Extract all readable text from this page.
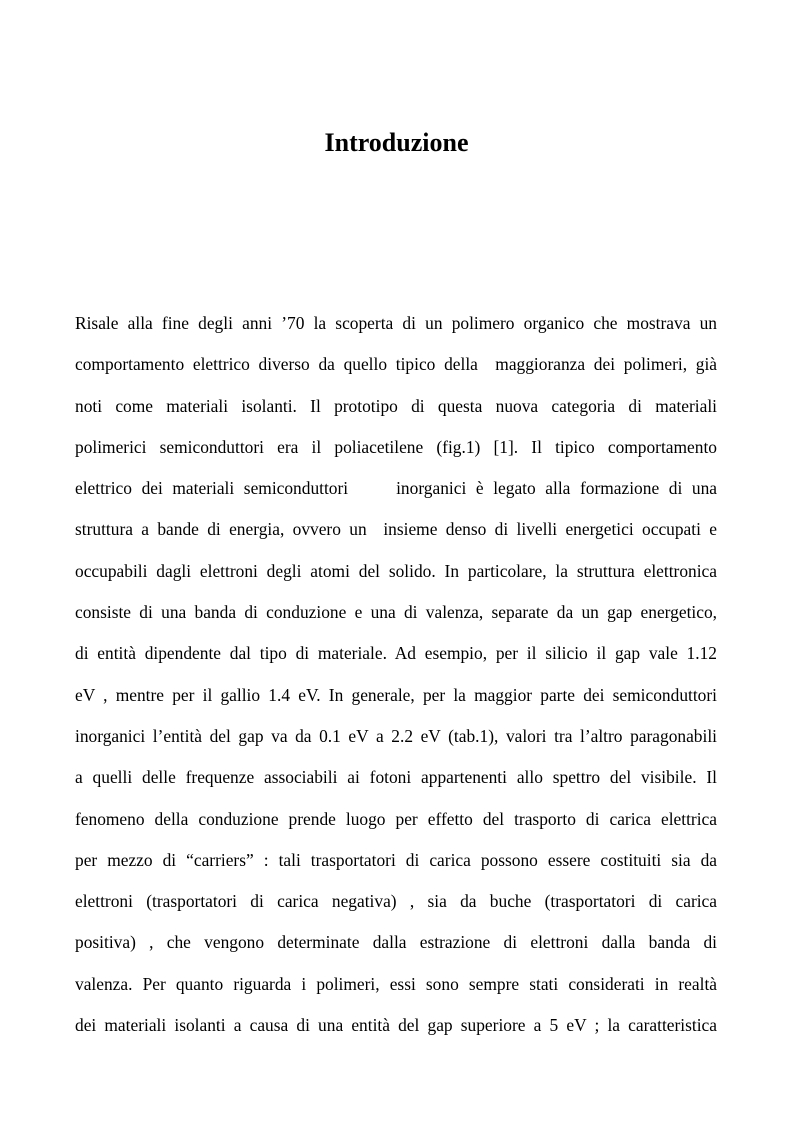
Introduzione
Risale alla fine degli anni ’70 la scoperta di un polimero organico che mostrava un
comportamento elettrico diverso da quello tipico della  maggioranza dei polimeri, già
noti come materiali isolanti. Il prototipo di questa nuova categoria di materiali
polimerici semiconduttori era il poliacetilene (fig.1) [1]. Il tipico comportamento
elettrico dei materiali semiconduttori     inorganici è legato alla formazione di una
struttura a bande di energia, ovvero un  insieme denso di livelli energetici occupati e
occupabili dagli elettroni degli atomi del solido. In particolare, la struttura elettronica
consiste di una banda di conduzione e una di valenza, separate da un gap energetico,
di entità dipendente dal tipo di materiale. Ad esempio, per il silicio il gap vale 1.12
eV , mentre per il gallio 1.4 eV. In generale, per la maggior parte dei semiconduttori
inorganici l’entità del gap va da 0.1 eV a 2.2 eV (tab.1), valori tra l’altro paragonabili
a quelli delle frequenze associabili ai fotoni appartenenti allo spettro del visibile. Il
fenomeno della conduzione prende luogo per effetto del trasporto di carica elettrica
per mezzo di “carriers” : tali trasportatori di carica possono essere costituiti sia da
elettroni (trasportatori di carica negativa) , sia da buche (trasportatori di carica
positiva) , che vengono determinate dalla estrazione di elettroni dalla banda di
valenza. Per quanto riguarda i polimeri, essi sono sempre stati considerati in realtà
dei materiali isolanti a causa di una entità del gap superiore a 5 eV ; la caratteristica
